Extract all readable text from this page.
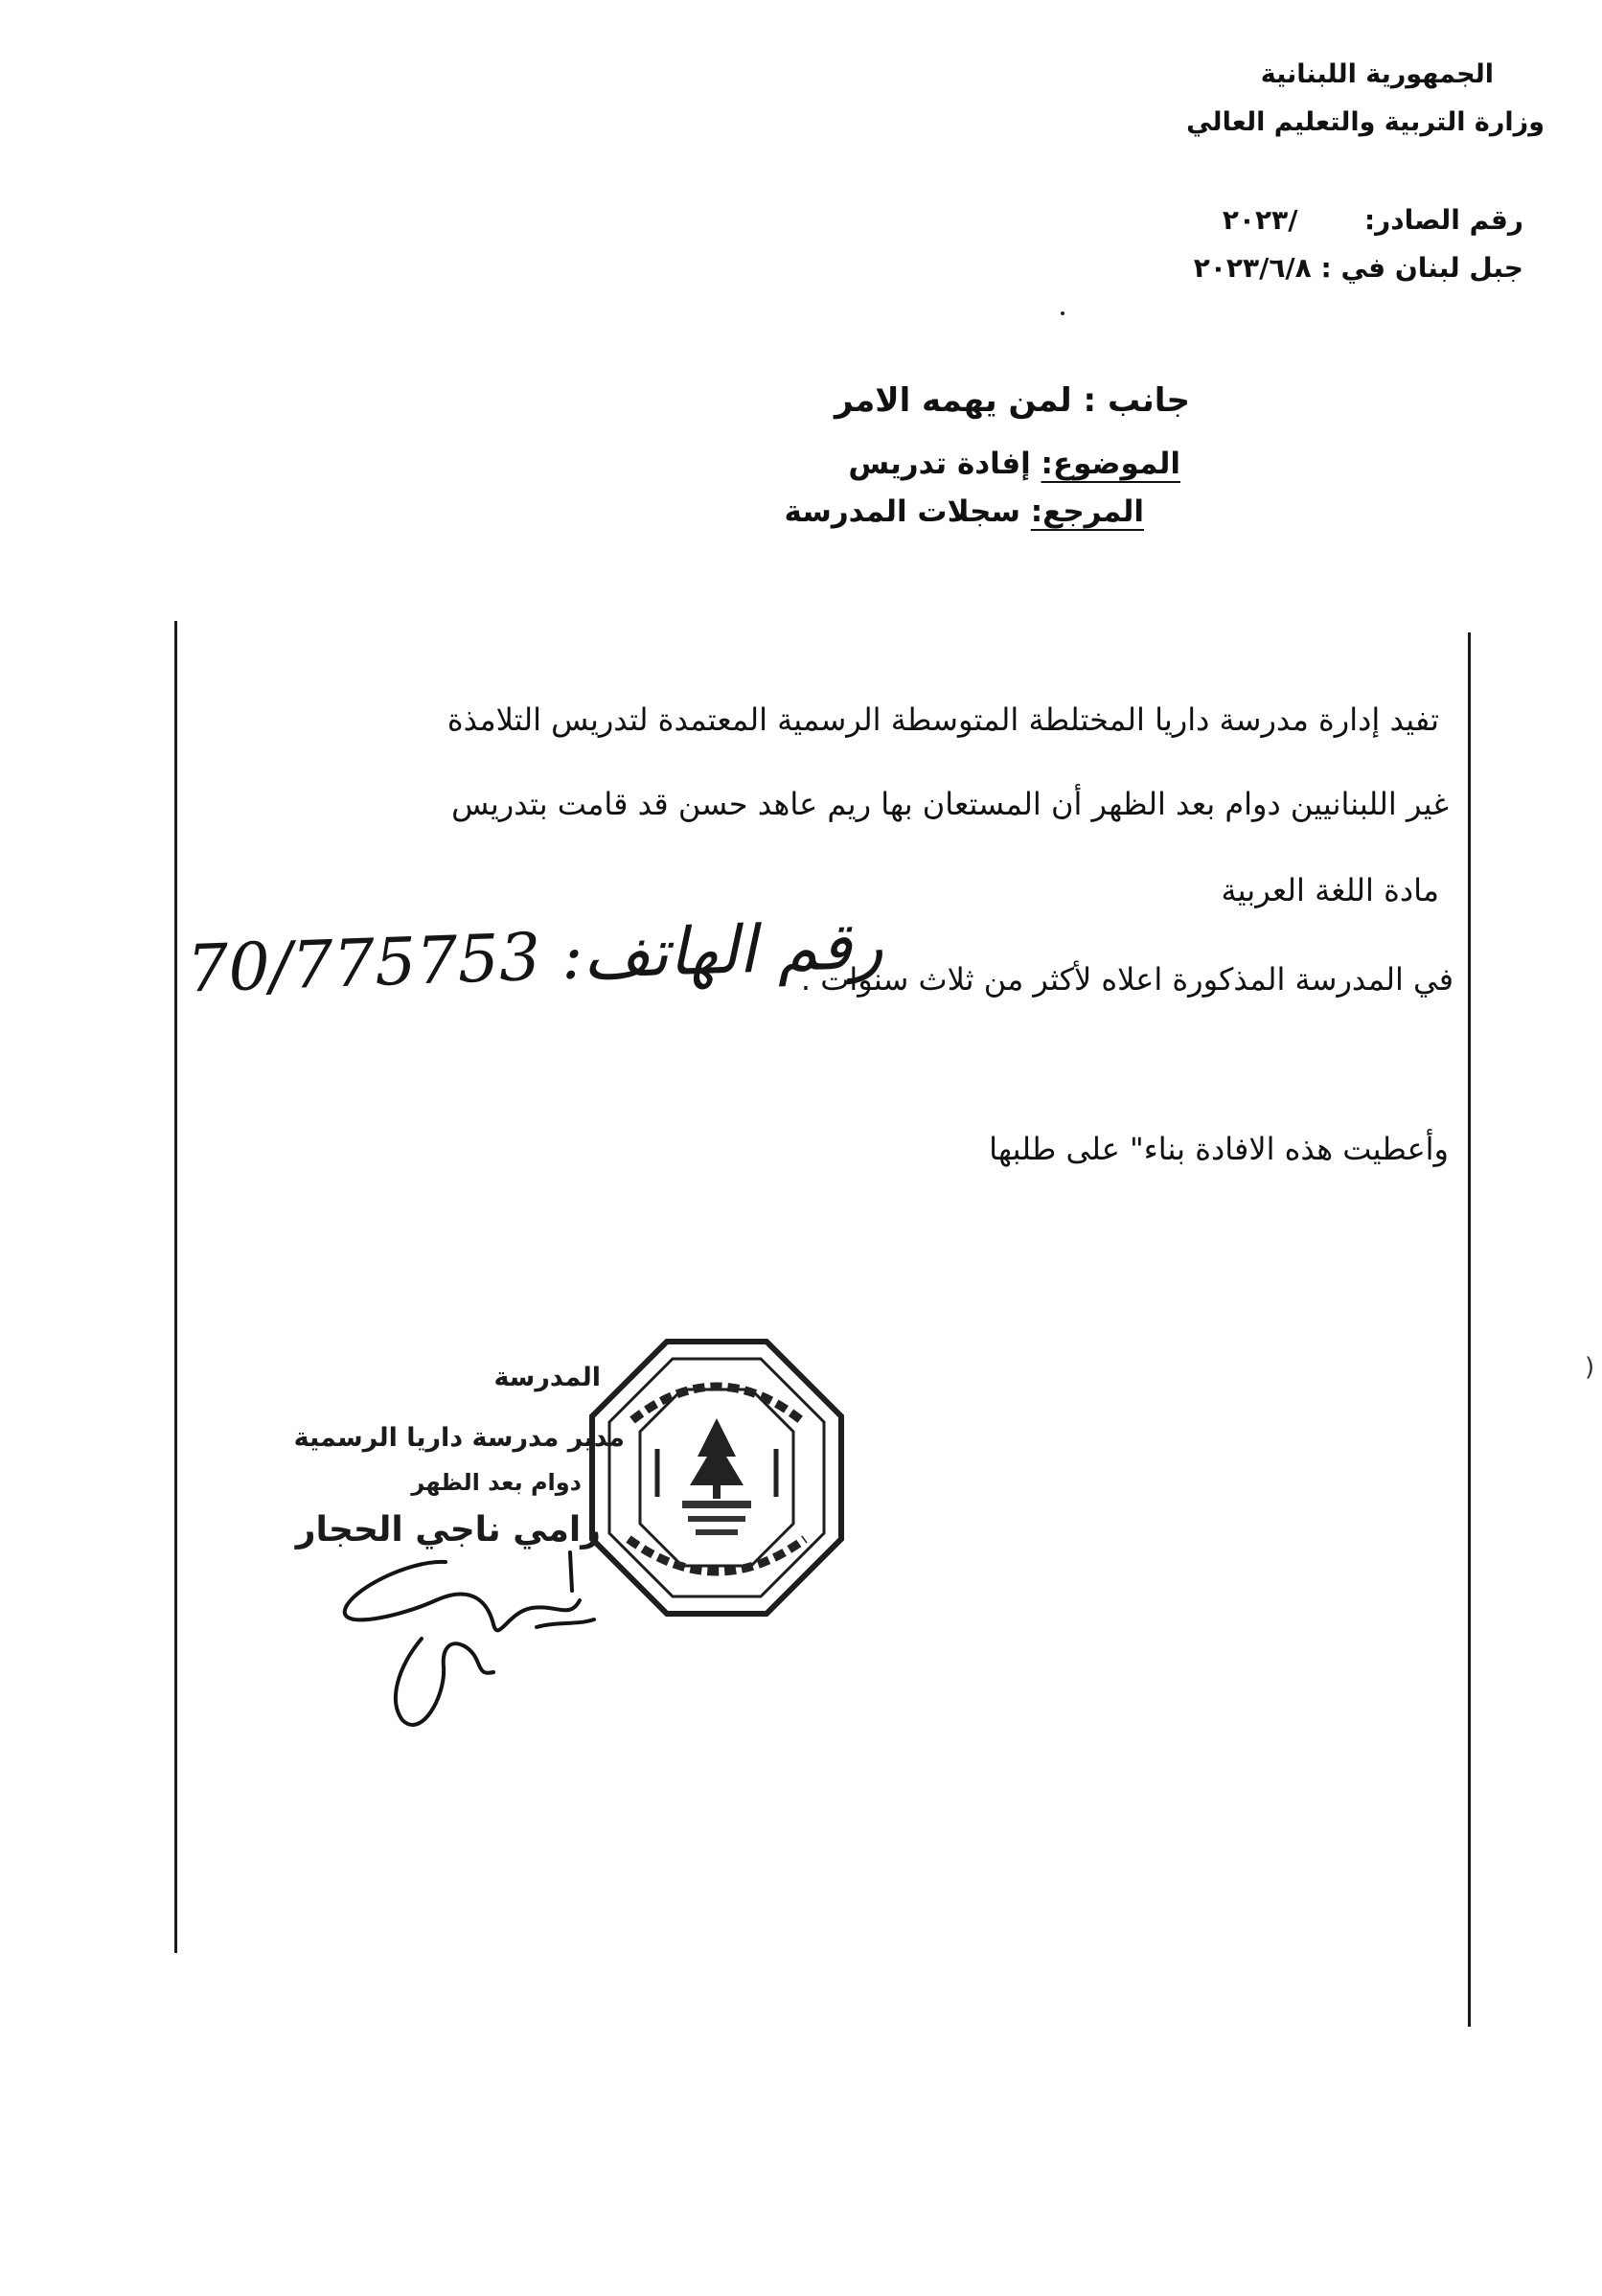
الجمهورية اللبنانية
وزارة التربية والتعليم العالي
رقم الصادر:  /٢٠٢٣
جبل لبنان في : ٢٠٢٣/٦/٨
جانب : لمن يهمه الامر
الموضوع: إفادة تدريس
المرجع: سجلات المدرسة
تفيد إدارة مدرسة داريا المختلطة المتوسطة الرسمية المعتمدة لتدريس التلامذة
غير اللبنانيين دوام بعد الظهر أن المستعان بها ريم عاهد حسن قد قامت بتدريس
مادة اللغة العربية
في المدرسة المذكورة اعلاه لأكثر من ثلاث سنوات .
رقم الهاتف: 70/775753
وأعطيت هذه الافادة بناء" على طلبها
المدرسة
مدير مدرسة داريا الرسمية
دوام بعد الظهر
رامي ناجي الحجار
(
